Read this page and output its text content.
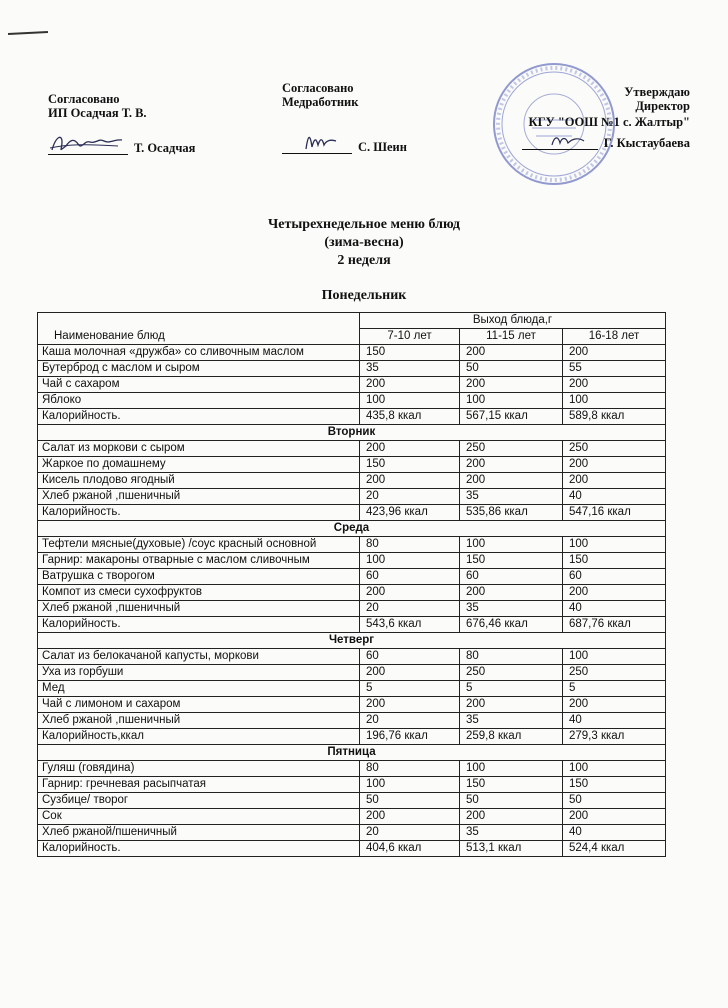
Согласовано
ИП Осадчая Т. В.
Т. Осадчая
Согласовано
Медработник
С. Шеин
Утверждаю
Директор
КГУ "ООШ №1 с. Жалтыр"
Г. Кыстаубаева
Четырехнедельное меню блюд
(зима-весна)
2 неделя
Понедельник
Наименование блюд	Выход блюда,г		
	7-10 лет	11-15 лет	16-18 лет
Каша молочная «дружба» со сливочным маслом	150	200	200
Бутерброд с маслом и сыром	35	50	55
Чай с сахаром	200	200	200
Яблоко	100	100	100
Калорийность.	435,8 ккал	567,15 ккал	589,8 ккал
Вторник			
Салат из моркови с сыром	200	250	250
Жаркое по домашнему	150	200	200
Кисель плодово ягодный	200	200	200
Хлеб ржаной ,пшеничный	20	35	40
Калорийность.	423,96 ккал	535,86 ккал	547,16 ккал
Среда			
Тефтели мясные(духовые) /соус красный основной	80	100	100
Гарнир: макароны отварные с маслом сливочным	100	150	150
Ватрушка с творогом	60	60	60
Компот из смеси сухофруктов	200	200	200
Хлеб ржаной ,пшеничный	20	35	40
Калорийность.	543,6 ккал	676,46 ккал	687,76 ккал
Четверг			
Салат из белокачаной капусты, моркови	60	80	100
Уха из горбуши	200	250	250
Мед	5	5	5
Чай с лимоном и сахаром	200	200	200
Хлеб ржаной ,пшеничный	20	35	40
Калорийность,ккал	196,76 ккал	259,8 ккал	279,3 ккал
Пятница			
Гуляш (говядина)	80	100	100
Гарнир: гречневая расыпчатая	100	150	150
Сузбице/ творог	50	50	50
Сок	200	200	200
Хлеб ржаной/пшеничный	20	35	40
Калорийность.	404,6 ккал	513,1 ккал	524,4 ккал
